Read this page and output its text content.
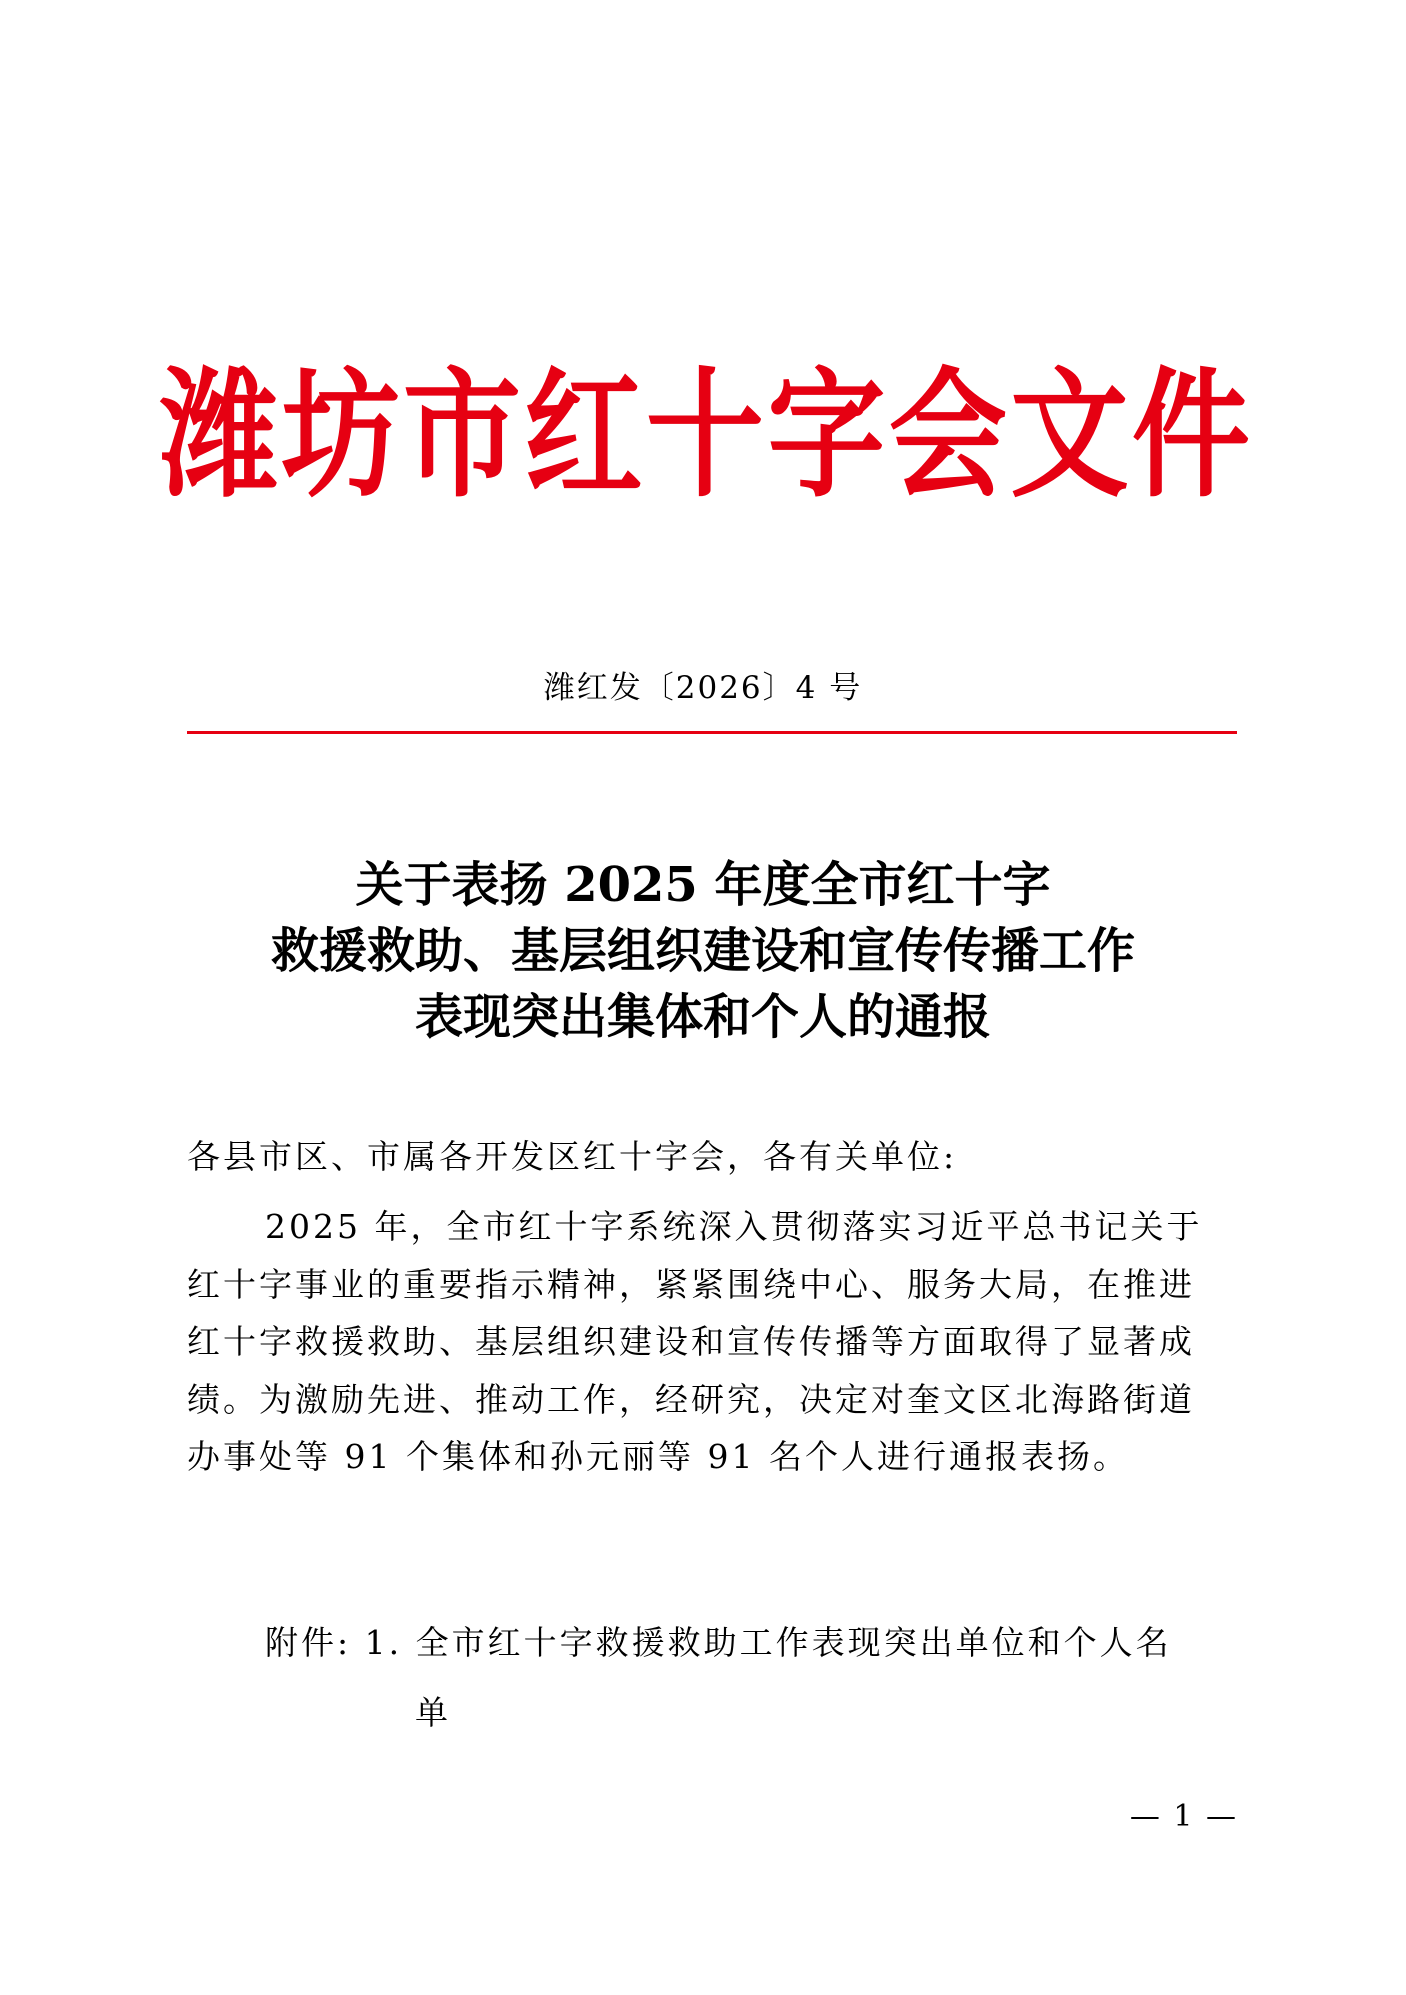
潍 坊 市 红 十 字 会 文 件
潍红发〔2026〕4 号
关于表扬 2025 年度全市红十字
救援救助、基层组织建设和宣传传播工作
表现突出集体和个人的通报
各县市区、市属各开发区红十字会，各有关单位:
2025 年，全市红十字系统深入贯彻落实习近平总书记关于
红十字事业的重要指示精神，紧紧围绕中心、服务大局，在推进
红十字救援救助、基层组织建设和宣传传播等方面取得了显著成
绩。为激励先进、推动工作，经研究，决定对奎文区北海路街道
办事处等 91 个集体和孙元丽等 91 名个人进行通报表扬。
附件: 1. 全市红十字救援救助工作表现突出单位和个人名
单
— 1 —
